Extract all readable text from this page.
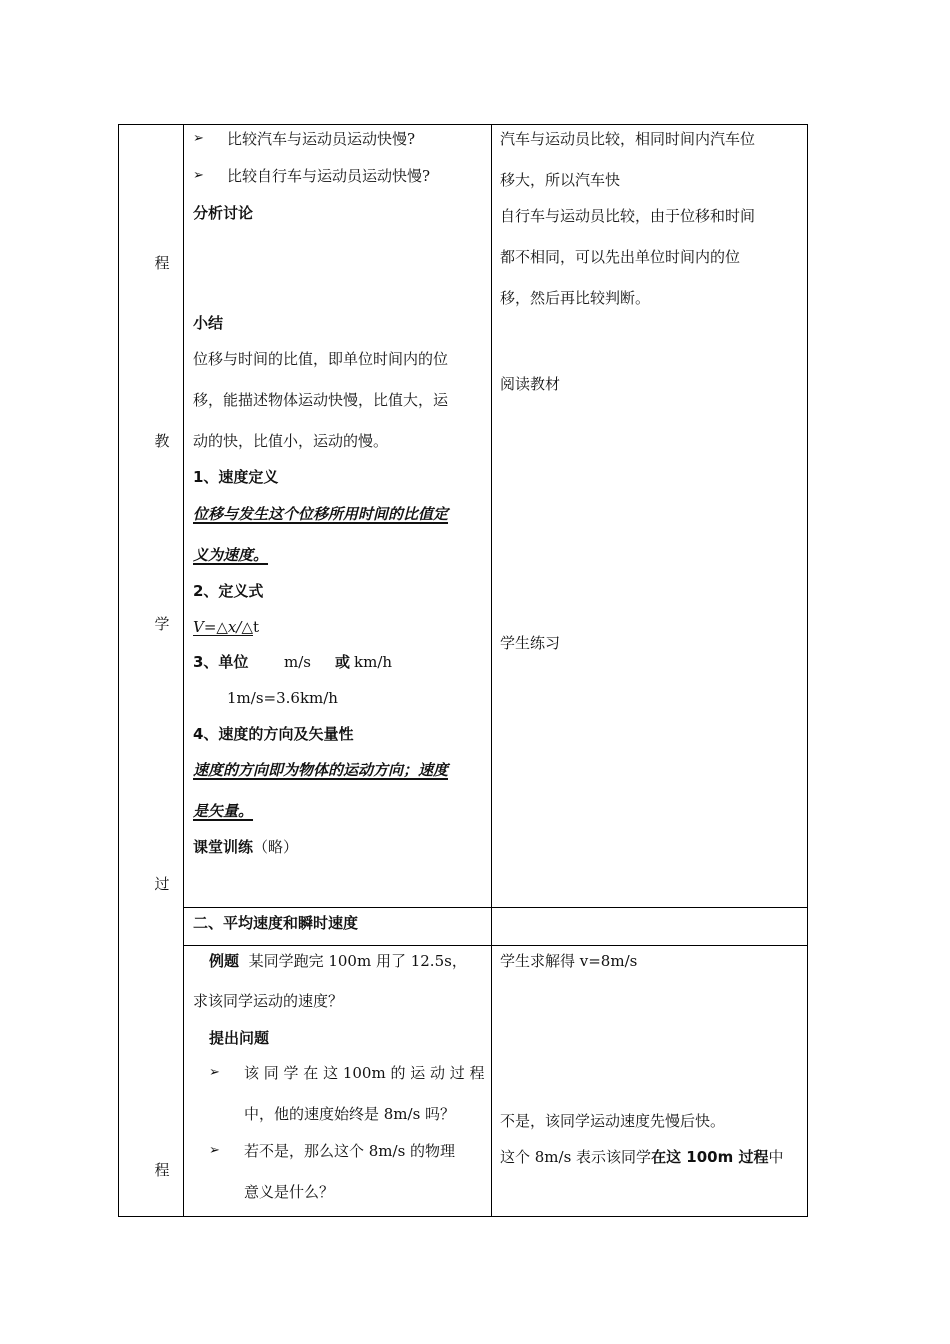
程
教
学
过
程
➢ 比较汽车与运动员运动快慢?
➢ 比较自行车与运动员运动快慢?
分析讨论
小结
位移与时间的比值，即单位时间内的位
移，能描述物体运动快慢，比值大，运
动的快，比值小，运动的慢。
1、速度定义
位移与发生这个位移所用时间的比值定
义为速度。
2、定义式
V=△x/△t
3、单位 m/s 或 km/h
1m/s=3.6km/h
4、速度的方向及矢量性
速度的方向即为物体的运动方向；速度
是矢量。
课堂训练（略）
二、平均速度和瞬时速度
例题 某同学跑完 100m 用了 12.5s，
求该同学运动的速度？
提出问题
➢ 该 同 学 在 这 100m 的 运 动 过 程
中，他的速度始终是 8m/s 吗？
➢ 若不是，那么这个 8m/s 的物理
意义是什么？
汽车与运动员比较，相同时间内汽车位
移大，所以汽车快
自行车与运动员比较，由于位移和时间
都不相同，可以先出单位时间内的位
移，然后再比较判断。
阅读教材
学生练习
学生求解得 v=8m/s
不是，该同学运动速度先慢后快。
这个 8m/s 表示该同学在这 100m 过程中
